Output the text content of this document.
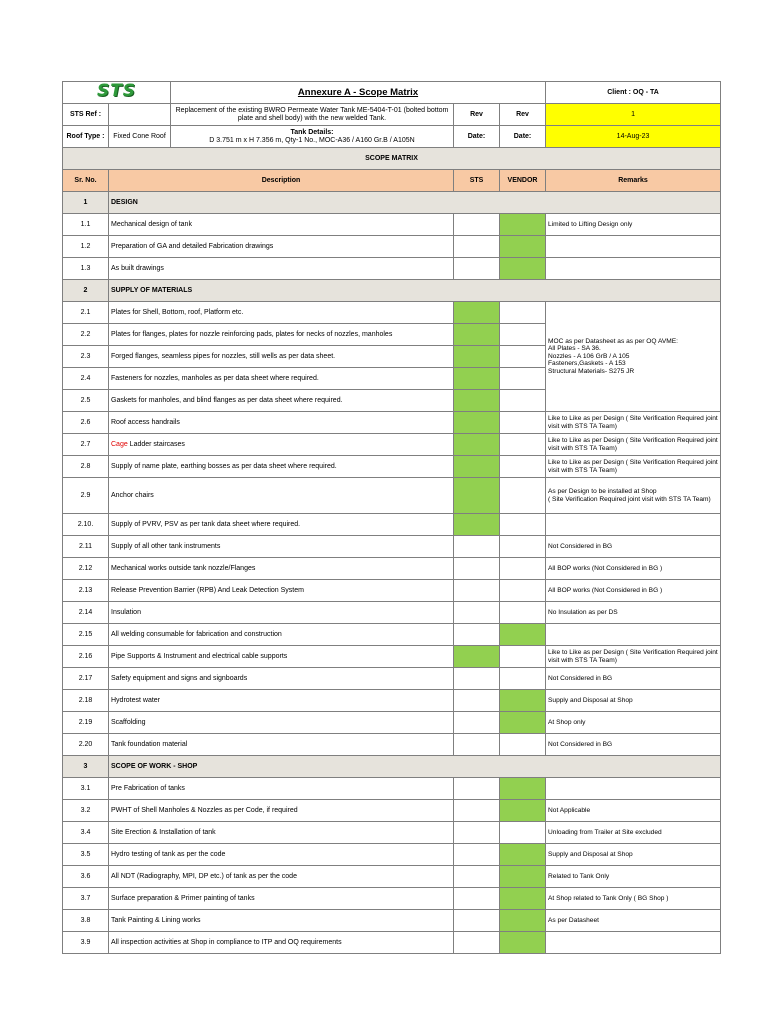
STS		Annexure A - Scope Matrix			Client : OQ - TA
STS Ref :		Replacement of the existing BWRO Permeate Water Tank ME-5404-T-01 (bolted bottom plate and shell body) with the new welded Tank.	Rev	Rev	1
Roof Type :	Fixed Cone Roof	Tank Details:
D 3.751 m x H 7.356 m, Qty-1 No., MOC-A36 / A160 Gr.B / A105N	Date:	Date:	14-Aug-23
SCOPE MATRIX					
Sr. No.	Description		STS	VENDOR	Remarks
1	DESIGN				
1.1	Mechanical design of tank				Limited to Lifting Design only
1.2	Preparation of GA and detailed Fabrication drawings				
1.3	As built drawings				
2	SUPPLY OF MATERIALS				
2.1	Plates for Shell, Bottom, roof, Platform etc.				MOC as per Datasheet as as per OQ AVME:
All Plates - SA 36.
Nozzles - A 106 GrB / A 105
Fasteners,Gaskets - A 153
Structural Materials- S275 JR
2.2	Plates for flanges, plates for nozzle reinforcing pads, plates for necks of nozzles, manholes				
2.3	Forged flanges, seamless pipes for nozzles, still wells as per data sheet.				
2.4	Fasteners for nozzles, manholes as per data sheet where required.				
2.5	Gaskets for manholes, and blind flanges as per data sheet where required.				
2.6	Roof access handrails				Like to Like as per Design ( Site Verification Required joint visit with STS TA Team)
2.7	Cage Ladder staircases				Like to Like as per Design ( Site Verification Required joint visit with STS TA Team)
2.8	Supply of name plate, earthing bosses as per data sheet where required.				Like to Like as per Design ( Site Verification Required joint visit with STS TA Team)
2.9	Anchor chairs				As per Design to be installed at Shop
( Site Verification Required joint visit with STS TA Team)
2.10.	Supply of PVRV, PSV as per tank data sheet where required.				
2.11	Supply of all other tank instruments				Not Considered in BG
2.12	Mechanical works outside tank nozzle/Flanges				All BOP works (Not Considered in BG )
2.13	Release Prevention Barrier (RPB) And Leak Detection System				All BOP works (Not Considered in BG )
2.14	Insulation				No Insulation as per DS
2.15	All welding consumable for fabrication and construction				
2.16	Pipe Supports & Instrument and electrical cable supports				Like to Like as per Design ( Site Verification Required joint visit with STS TA Team)
2.17	Safety equipment and signs and signboards				Not Considered in BG
2.18	Hydrotest water				Supply and Disposal at Shop
2.19	Scaffolding				At Shop only
2.20	Tank foundation material				Not Considered in BG
3	SCOPE OF WORK - SHOP				
3.1	Pre Fabrication of tanks				
3.2	PWHT of Shell Manholes & Nozzles as per Code, if required				Not Applicable
3.4	Site Erection & Installation of tank				Unloading from Trailer at Site excluded
3.5	Hydro testing of tank as per the code				Supply and Disposal at Shop
3.6	All NDT (Radiography, MPI, DP etc.) of tank as per the code				Related to Tank Only
3.7	Surface preparation & Primer painting of tanks				At Shop related to Tank Only ( BG Shop )
3.8	Tank Painting & Lining works				As per Datasheet
3.9	All inspection activities at Shop in compliance to ITP and OQ requirements				
